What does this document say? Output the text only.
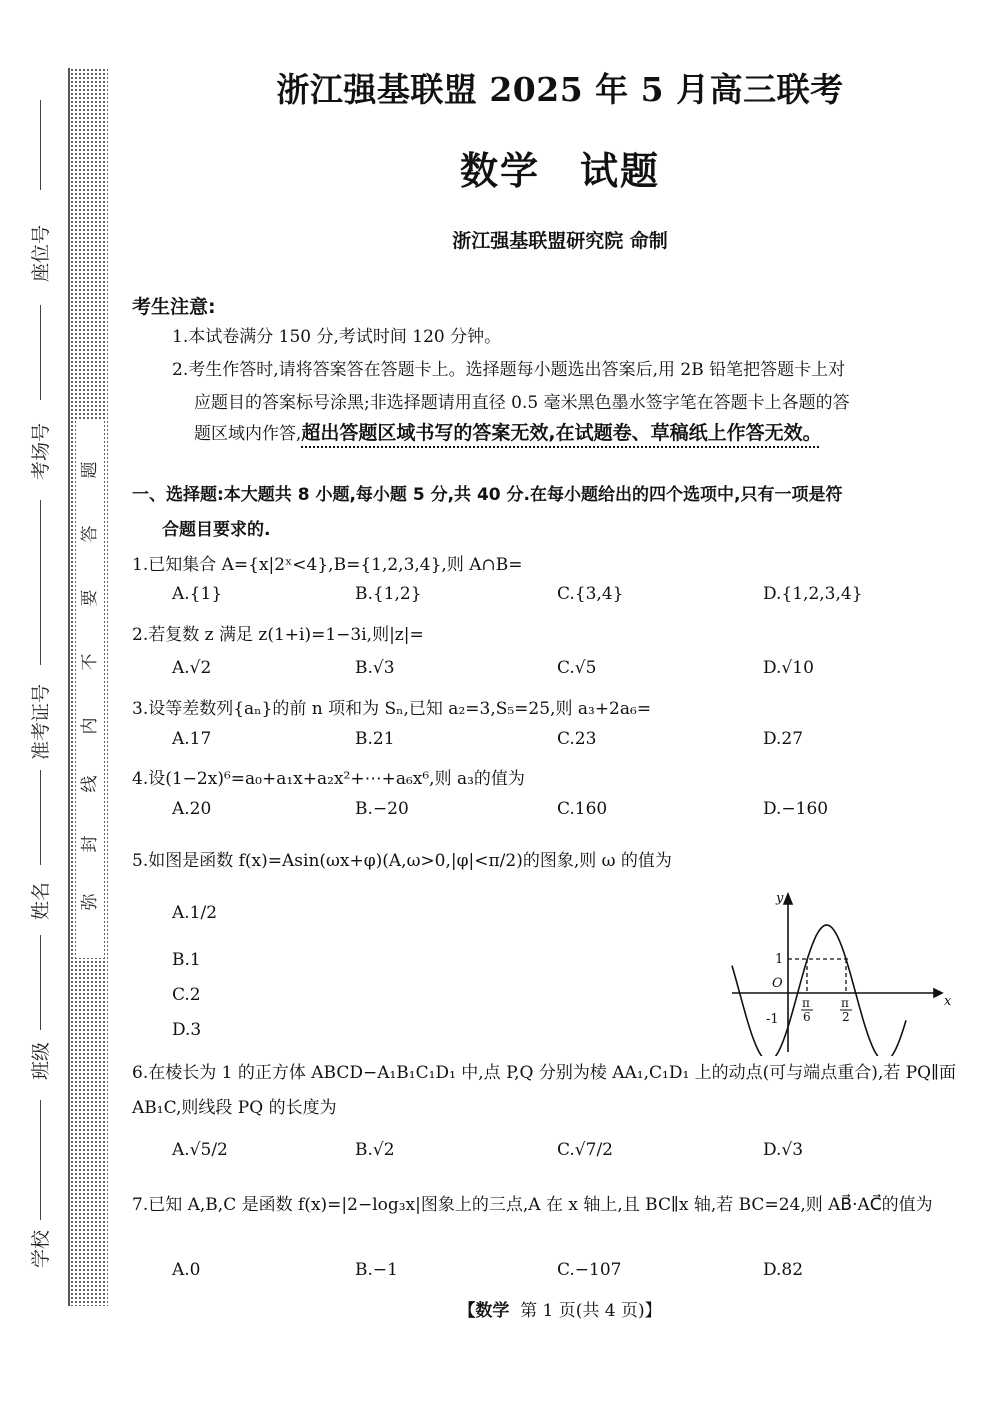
题
答
要
不
内
线
封
弥
座位号
考场号
准考证号
姓名
班级
学校
浙江强基联盟 2025 年 5 月高三联考
数学 试题
浙江强基联盟研究院 命制
考生注意:
1.本试卷满分 150 分,考试时间 120 分钟。
2.考生作答时,请将答案答在答题卡上。选择题每小题选出答案后,用 2B 铅笔把答题卡上对
应题目的答案标号涂黑;非选择题请用直径 0.5 毫米黑色墨水签字笔在答题卡上各题的答
题区域内作答,超出答题区域书写的答案无效,在试题卷、草稿纸上作答无效。
一、选择题:本大题共 8 小题,每小题 5 分,共 40 分.在每小题给出的四个选项中,只有一项是符
合题目要求的.
1.已知集合 A={x|2ˣ<4},B={1,2,3,4},则 A∩B=
A.{1}	B.{1,2}	C.{3,4}	D.{1,2,3,4}
2.若复数 z 满足 z(1+i)=1−3i,则|z|=
A.√2	B.√3	C.√5	D.√10
3.设等差数列{aₙ}的前 n 项和为 Sₙ,已知 a₂=3,S₅=25,则 a₃+2a₆=
A.17	B.21	C.23	D.27
4.设(1−2x)⁶=a₀+a₁x+a₂x²+⋯+a₆x⁶,则 a₃的值为
A.20	B.−20	C.160	D.−160
5.如图是函数 f(x)=Asin(ωx+φ)(A,ω>0,|φ|<π/2)的图象,则 ω 的值为
A.1/2
B.1
C.2
D.3
y
x
O
1
-1
π
6
π
2
6.在棱长为 1 的正方体 ABCD−A₁B₁C₁D₁ 中,点 P,Q 分别为棱 AA₁,C₁D₁ 上的动点(可与端点重合),若 PQ∥面 AB₁C,则线段 PQ 的长度为
A.√5/2	B.√2	C.√7/2	D.√3
7.已知 A,B,C 是函数 f(x)=|2−log₃x|图象上的三点,A 在 x 轴上,且 BC∥x 轴,若 BC=24,则 AB⃗·AC⃗的值为
A.0	B.−1	C.−107	D.82
【数学 第 1 页(共 4 页)】
